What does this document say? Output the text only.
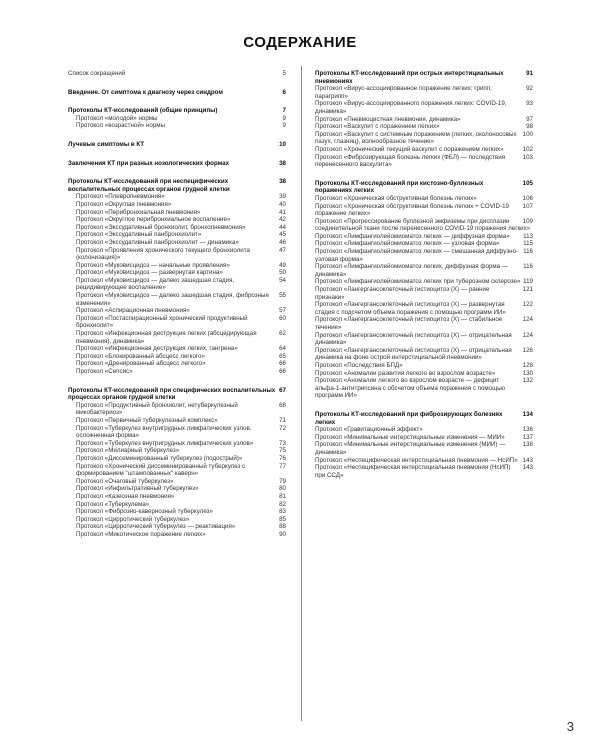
СОДЕРЖАНИЕ
5
Список сокращений
6
Введение. От симптома к диагнозу через синдром
7
Протоколы КТ-исследований (общие принципы)
9
Протокол «молодой» нормы
9
Протокол «возрастной» нормы
10
Лучевые симптомы в КТ
38
Заключения КТ при разных нозологических формах
38
Протоколы КТ-исследований при неспецифических воспалительных процессах органов грудной клетки
39
Протокол «Плевропневмония»
40
Протокол «Округлая пневмония»
41
Протокол «Перибронхиальная пневмония»
42
Протокол «Округлое перибронхиальное воспаление»
44
Протокол «Экссудативный бронхиолит, бронхопневмония»
45
Протокол «Экссудативный панбронхиолит»
46
Протокол «Экссудативный панбронхиолит — динамика»
47
Протокол «Проявления хронического текущего бронхиолита (колонизация)»
49
Протокол «Муковисцидоз — начальные проявления»
50
Протокол «Муковисцидоз — развернутая картина»
54
Протокол «Муковисцидоз — далеко зашедшая стадия, рецидивирующее воспаление»
55
Протокол «Муковисцидоз — далеко зашедшая стадия, фиброзные изменения»
57
Протокол «Аспирационная пневмония»
60
Протокол «Постаспирационный хронический продуктивный бронхиолит»
62
Протокол «Инфекционная деструкция легких (абсцедирующая пневмония), динамика»
64
Протокол «Инфекционная деструкция легких, гангрена»
65
Протокол «Блокированный абсцесс легкого»
66
Протокол «Дренированный абсцесс легкого»
66
Протокол «Сепсис»
67
Протоколы КТ-исследований при специфических воспалительных процессах органов грудной клетки
68
Протокол «Продуктивный бронхиолит, нетуберкулезный микобактериоз»
71
Протокол «Первичный туберкулезный комплекс»
72
Протокол «Туберкулез внутригрудных лимфатических узлов, осложненная форма»
73
Протокол «Туберкулез внутригрудных лимфатических узлов»
75
Протокол «Милиарный туберкулез»
76
Протокол «Диссеминированный туберкулез (подострый)»
77
Протокол «Хронический диссеминированный туберкулез с формированием "штампованных" каверн»
79
Протокол «Очаговый туберкулез»
80
Протокол «Инфильтративный туберкулез»
81
Протокол «Казеозная пневмония»
82
Протокол «Туберкулема»
83
Протокол «Фиброзно-кавернозный туберкулез»
85
Протокол «Цирротический туберкулез»
88
Протокол «Цирротический туберкулез — реактивация»
90
Протокол «Микотическое поражение легких»
91
Протоколы КТ-исследований при острых интерстициальных пневмониях
92
Протокол «Вирус-ассоциированное поражение легких: грипп, парагрипп»
93
Протокол «Вирус-ассоциированного поражения легких: COVID-19, динамика»
97
Протокол «Пневмоцистная пневмония, динамика»
98
Протокол «Васкулит с поражением легких»
100
Протокол «Васкулит с системным поражением (легких, околоносовых пазух, глазниц), волнообразное течение»
102
Протокол «Хронический текущий васкулит с поражением легких»
103
Протокол «Фиброзирующая болезнь легких (ФБЛ) — последствия перенесенного васкулита»
105
Протоколы КТ-исследований при кистозно-буллезных поражениях легких
106
Протокол «Хроническая обструктивная болезнь легких»
107
Протокол «Хроническая обструктивная болезнь легких + COVID-19 поражение легких»
109
Протокол «Прогрессирование буллезной эмфиземы при дисплазии соединительной ткани после перенесенного COVID-19 поражения легких»
113
Протокол «Лимфангиолейомиоматоз легких — диффузная форма»
115
Протокол «Лимфангиолейомиоматоз легких — узловая форма»
116
Протокол «Лимфангиолейомиоматоз легких — смешанная диффузно-узловая форма»
116
Протокол «Лимфангиолейомиоматоз легких, диффузная форма — динамика»
119
Протокол «Лимфангиолейомиоматоз легких при туберозном склерозе»
121
Протокол «Лангергансоклеточный гистиоцитоз (X) — ранние признаки»
122
Протокол «Лангергансоклеточный гистиоцитоз (X) — развернутая стадия с подсчетом объема поражения с помощью программ ИИ»
124
Протокол «Лангергансоклеточный гистиоцитоз (X) — стабильное течение»
124
Протокол «Лангергансоклеточный гистиоцитоз (X) — отрицательная динамика»
126
Протокол «Лангергансоклеточный гистиоцитоз (X) — отрицательная динамика на фоне острой интерстициальной пневмонии»
128
Протокол «Последствия БПД»
130
Протокол «Аномалии развития легкого во взрослом возрасте»
132
Протокол «Аномалии легкого во взрослом возрасте — дефицит альфа-1-антитрипсина с обсчетом объема поражения с помощью программ ИИ»
134
Протоколы КТ-исследований при фиброзирующих болезнях легких
136
Протокол «Гравитационный эффект»
137
Протокол «Минимальные интерстициальные изменения — МИИ»
138
Протокол «Минимальные интерстициальные изменения (МИИ) — динамика»
143
Протокол «Неспецифическая интерстициальная пневмония — НсИП»
143
Протокол «Неспецифическая интерстициальная пневмония (НсИП) при ССД»
3
